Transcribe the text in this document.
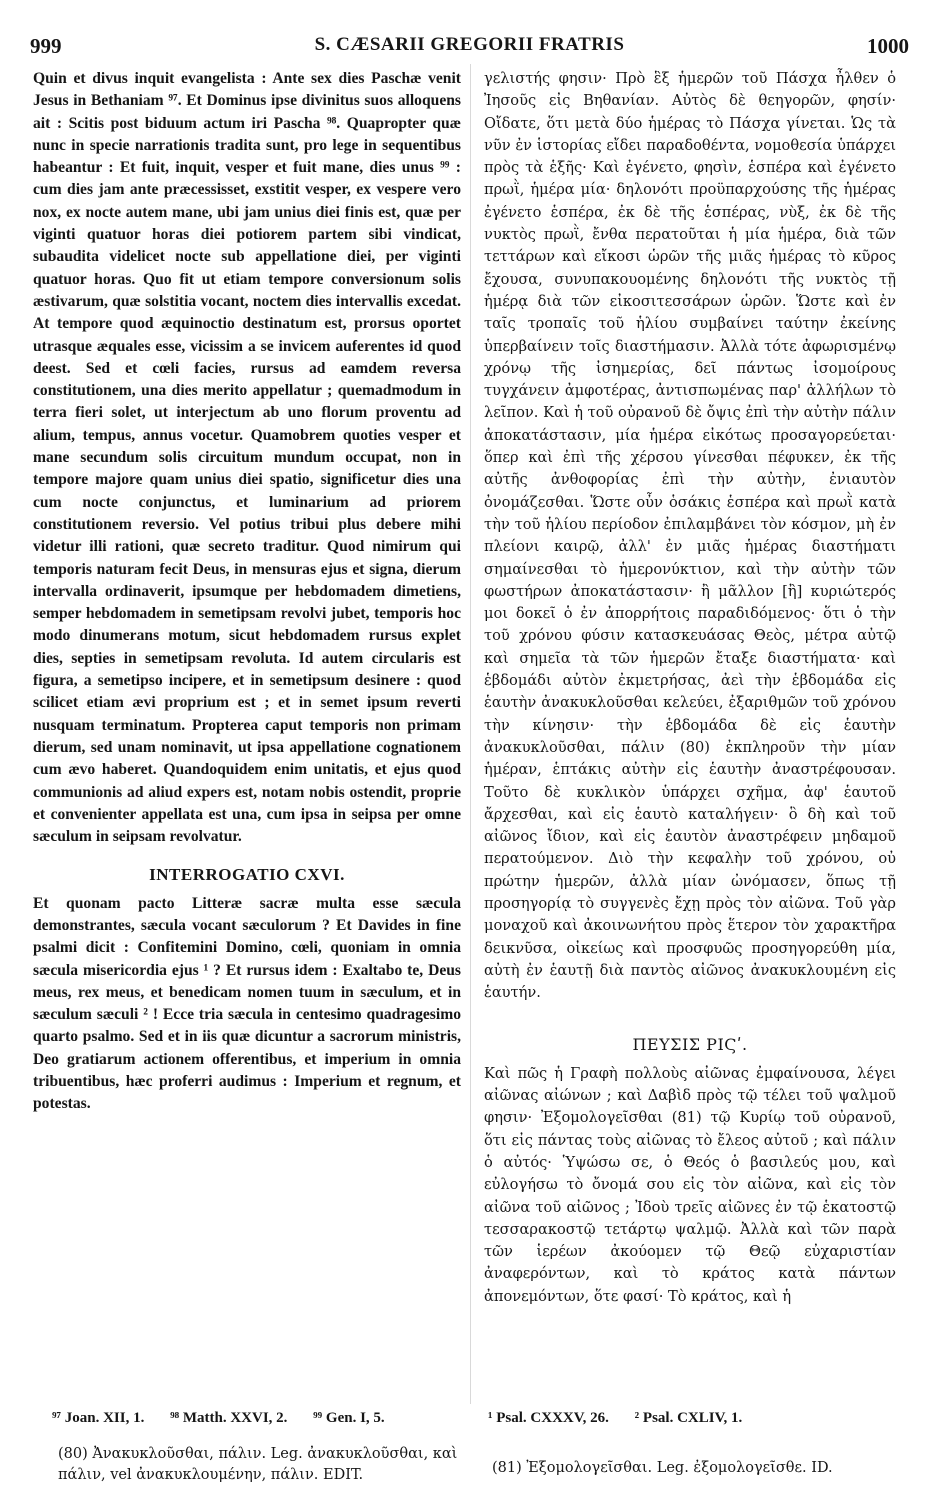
999	S. CÆSARII GREGORII FRATRIS	1000

Quin et divus inquit evangelista : Ante sex dies Paschæ venit Jesus in Bethaniam ⁹⁷. Et Dominus ipse divinitus suos alloquens ait : Scitis post biduum actum iri Pascha ⁹⁸. Quapropter quæ nunc in specie narrationis tradita sunt, pro lege in sequentibus habeantur : Et fuit, inquit, vesper et fuit mane, dies unus ⁹⁹ : cum dies jam ante præcessisset, exstitit vesper, ex vespere vero nox, ex nocte autem mane, ubi jam unius diei finis est, quæ per viginti quatuor horas diei potiorem partem sibi vindicat, subaudita videlicet nocte sub appellatione diei, per viginti quatuor horas. Quo fit ut etiam tempore conversionum solis æstivarum, quæ solstitia vocant, noctem dies intervallis excedat. At tempore quod æquinoctio destinatum est, prorsus oportet utrasque æquales esse, vicissim a se invicem auferentes id quod deest. Sed et cœli facies, rursus ad eamdem reversa constitutionem, una dies merito appellatur ; quemadmodum in terra fieri solet, ut interjectum ab uno florum proventu ad alium, tempus, annus vocetur. Quamobrem quoties vesper et mane secundum solis circuitum mundum occupat, non in tempore majore quam unius diei spatio, significetur dies una cum nocte conjunctus, et luminarium ad priorem constitutionem reversio. Vel potius tribui plus debere mihi videtur illi rationi, quæ secreto traditur. Quod nimirum qui temporis naturam fecit Deus, in mensuras ejus et signa, dierum intervalla ordinaverit, ipsumque per hebdomadem dimetiens, semper hebdomadem in semetipsam revolvi jubet, temporis hoc modo dinumerans motum, sicut hebdomadem rursus explet dies, septies in semetipsam revoluta. Id autem circularis est figura, a semetipso incipere, et in semetipsum desinere : quod scilicet etiam ævi proprium est ; et in semet ipsum reverti nusquam terminatum. Propterea caput temporis non primam dierum, sed unam nominavit, ut ipsa appellatione cognationem cum ævo haberet. Quandoquidem enim unitatis, et ejus quod communionis ad aliud expers est, notam nobis ostendit, proprie et convenienter appellata est una, cum ipsa in seipsa per omne sæculum in seipsam revolvatur.

INTERROGATIO CXVI.

Et quonam pacto Litteræ sacræ multa esse sæcula demonstrantes, sæcula vocant sæculorum ? Et Davides in fine psalmi dicit : Confitemini Domino, cœli, quoniam in omnia sæcula misericordia ejus ¹ ? Et rursus idem : Exaltabo te, Deus meus, rex meus, et benedicam nomen tuum in sæculum, et in sæculum sæculi ² ! Ecce tria sæcula in centesimo quadragesimo quarto psalmo. Sed et in iis quæ dicuntur a sacrorum ministris, Deo gratiarum actionem offerentibus, et imperium in omnia tribuentibus, hæc proferri audimus : Imperium et regnum, et potestas.

γελιστής φησιν· Πρὸ ἓξ ἡμερῶν τοῦ Πάσχα ἦλθεν ὁ Ἰησοῦς εἰς Βηθανίαν. Αὐτὸς δὲ θεηγορῶν, φησίν· Οἴδατε, ὅτι μετὰ δύο ἡμέρας τὸ Πάσχα γίνεται. Ὡς τὰ νῦν ἐν ἱστορίας εἴδει παραδοθέντα, νομοθεσία ὑπάρχει πρὸς τὰ ἑξῆς· Καὶ ἐγένετο, φησὶν, ἑσπέρα καὶ ἐγένετο πρωῒ, ἡμέρα μία· δηλονότι προϋπαρχούσης τῆς ἡμέρας ἐγένετο ἑσπέρα, ἐκ δὲ τῆς ἑσπέρας, νὺξ, ἐκ δὲ τῆς νυκτὸς πρωῒ, ἔνθα περατοῦται ἡ μία ἡμέρα, διὰ τῶν τεττάρων καὶ εἴκοσι ὡρῶν τῆς μιᾶς ἡμέρας τὸ κῦρος ἔχουσα, συνυπακουομένης δηλονότι τῆς νυκτὸς τῇ ἡμέρᾳ διὰ τῶν εἰκοσιτεσσάρων ὡρῶν. Ὥστε καὶ ἐν ταῖς τροπαῖς τοῦ ἡλίου συμβαίνει ταύτην ἐκείνης ὑπερβαίνειν τοῖς διαστήμασιν. Ἀλλὰ τότε ἀφωρισμένῳ χρόνῳ τῆς ἰσημερίας, δεῖ πάντως ἰσομοίρους τυγχάνειν ἀμφοτέρας, ἀντισπωμένας παρ' ἀλλήλων τὸ λεῖπον. Καὶ ἡ τοῦ οὐρανοῦ δὲ ὄψις ἐπὶ τὴν αὐτὴν πάλιν ἀποκατάστασιν, μία ἡμέρα εἰκότως προσαγορεύεται· ὅπερ καὶ ἐπὶ τῆς χέρσου γίνεσθαι πέφυκεν, ἐκ τῆς αὐτῆς ἀνθοφορίας ἐπὶ τὴν αὐτὴν, ἐνιαυτὸν ὀνομάζεσθαι. Ὥστε οὖν ὁσάκις ἑσπέρα καὶ πρωῒ κατὰ τὴν τοῦ ἡλίου περίοδον ἐπιλαμβάνει τὸν κόσμον, μὴ ἐν πλείονι καιρῷ, ἀλλ' ἐν μιᾶς ἡμέρας διαστήματι σημαίνεσθαι τὸ ἡμερονύκτιον, καὶ τὴν αὐτὴν τῶν φωστήρων ἀποκατάστασιν· ἢ μᾶλλον [ἢ] κυριώτερός μοι δοκεῖ ὁ ἐν ἀπορρήτοις παραδιδόμενος· ὅτι ὁ τὴν τοῦ χρόνου φύσιν κατασκευάσας Θεὸς, μέτρα αὐτῷ καὶ σημεῖα τὰ τῶν ἡμερῶν ἔταξε διαστήματα· καὶ ἑβδομάδι αὐτὸν ἐκμετρήσας, ἀεὶ τὴν ἑβδομάδα εἰς ἑαυτὴν ἀνακυκλοῦσθαι κελεύει, ἐξαριθμῶν τοῦ χρόνου τὴν κίνησιν· τὴν ἑβδομάδα δὲ εἰς ἑαυτὴν ἀνακυκλοῦσθαι, πάλιν (80) ἐκπληροῦν τὴν μίαν ἡμέραν, ἑπτάκις αὐτὴν εἰς ἑαυτὴν ἀναστρέφουσαν. Τοῦτο δὲ κυκλικὸν ὑπάρχει σχῆμα, ἀφ' ἑαυτοῦ ἄρχεσθαι, καὶ εἰς ἑαυτὸ καταλήγειν· ὃ δὴ καὶ τοῦ αἰῶνος ἴδιον, καὶ εἰς ἑαυτὸν ἀναστρέφειν μηδαμοῦ περατούμενον. Διὸ τὴν κεφαλὴν τοῦ χρόνου, οὐ πρώτην ἡμερῶν, ἀλλὰ μίαν ὠνόμασεν, ὅπως τῇ προσηγορίᾳ τὸ συγγενὲς ἔχῃ πρὸς τὸν αἰῶνα. Τοῦ γὰρ μοναχοῦ καὶ ἀκοινωνήτου πρὸς ἕτερον τὸν χαρακτῆρα δεικνῦσα, οἰκείως καὶ προσφυῶς προσηγορεύθη μία, αὐτὴ ἐν ἑαυτῇ διὰ παντὸς αἰῶνος ἀνακυκλουμένη εἰς ἑαυτήν.

ΠΕΥΣΙΣ ΡΙϚʹ.

Καὶ πῶς ἡ Γραφὴ πολλοὺς αἰῶνας ἐμφαίνουσα, λέγει αἰῶνας αἰώνων ; καὶ Δαβὶδ πρὸς τῷ τέλει τοῦ ψαλμοῦ φησιν· Ἐξομολογεῖσθαι (81) τῷ Κυρίῳ τοῦ οὐρανοῦ, ὅτι εἰς πάντας τοὺς αἰῶνας τὸ ἔλεος αὐτοῦ ; καὶ πάλιν ὁ αὐτός· Ὑψώσω σε, ὁ Θεός ὁ βασιλεύς μου, καὶ εὐλογήσω τὸ ὄνομά σου εἰς τὸν αἰῶνα, καὶ εἰς τὸν αἰῶνα τοῦ αἰῶνος ; Ἰδοὺ τρεῖς αἰῶνες ἐν τῷ ἑκατοστῷ τεσσαρακοστῷ τετάρτῳ ψαλμῷ. Ἀλλὰ καὶ τῶν παρὰ τῶν ἱερέων ἀκούομεν τῷ Θεῷ εὐχαριστίαν ἀναφερόντων, καὶ τὸ κράτος κατὰ πάντων ἀπονεμόντων, ὅτε φασί· Τὸ κράτος, καὶ ἡ

⁹⁷ Joan. XII, 1. ⁹⁸ Matth. XXVI, 2. ⁹⁹ Gen. I, 5.	¹ Psal. CXXXV, 26. ² Psal. CXLIV, 1.
(80) Ἀνακυκλοῦσθαι, πάλιν. Leg. ἀνακυκλοῦσθαι, καὶ πάλιν, vel ἀνακυκλουμένην, πάλιν. EDIT.	(81) Ἐξομολογεῖσθαι. Leg. ἐξομολογεῖσθε. ID.
